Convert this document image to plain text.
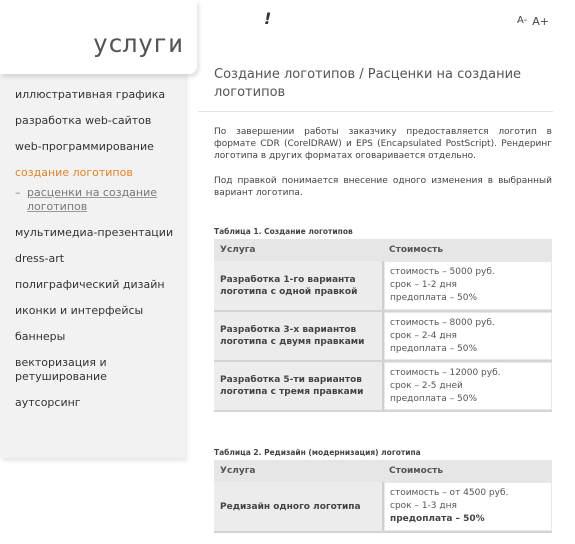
иллюстративная графика
разработка web-сайтов
web-программирование
создание логотипов
– расценки на создание логотипов
мультимедиа-презентации
dress-art
полиграфический дизайн
иконки и интерфейсы
баннеры
векторизация и ретуширование
аутсорсинг
услуги
!	A- A+
Создание логотипов / Расценки на создание логотипов
По завершении работы заказчику предоставляется логотип в формате CDR (CorelDRAW) и EPS (Encapsulated PostScript). Рендеринг логотипа в других форматах оговаривается отдельно.
Под правкой понимается внесение одного изменения в выбранный вариант логотипа.
Таблица 1. Создание логотипов
Услуга	Стоимость
Разработка 1-го варианта логотипа с одной правкой	стоимость – 5000 руб.
срок – 1-2 дня
предоплата – 50%

Разработка 3-х вариантов логотипа с двумя правками	стоимость – 8000 руб.
срок – 2-4 дня
предоплата – 50%

Разработка 5-ти вариантов логотипа с тремя правками	стоимость – 12000 руб.
срок – 2-5 дней
предоплата – 50%
Таблица 2. Редизайн (модернизация) логотипа
Услуга	Стоимость
Редизайн одного логотипа	стоимость – от 4500 руб.
срок – 1-3 дня
предоплата – 50%
